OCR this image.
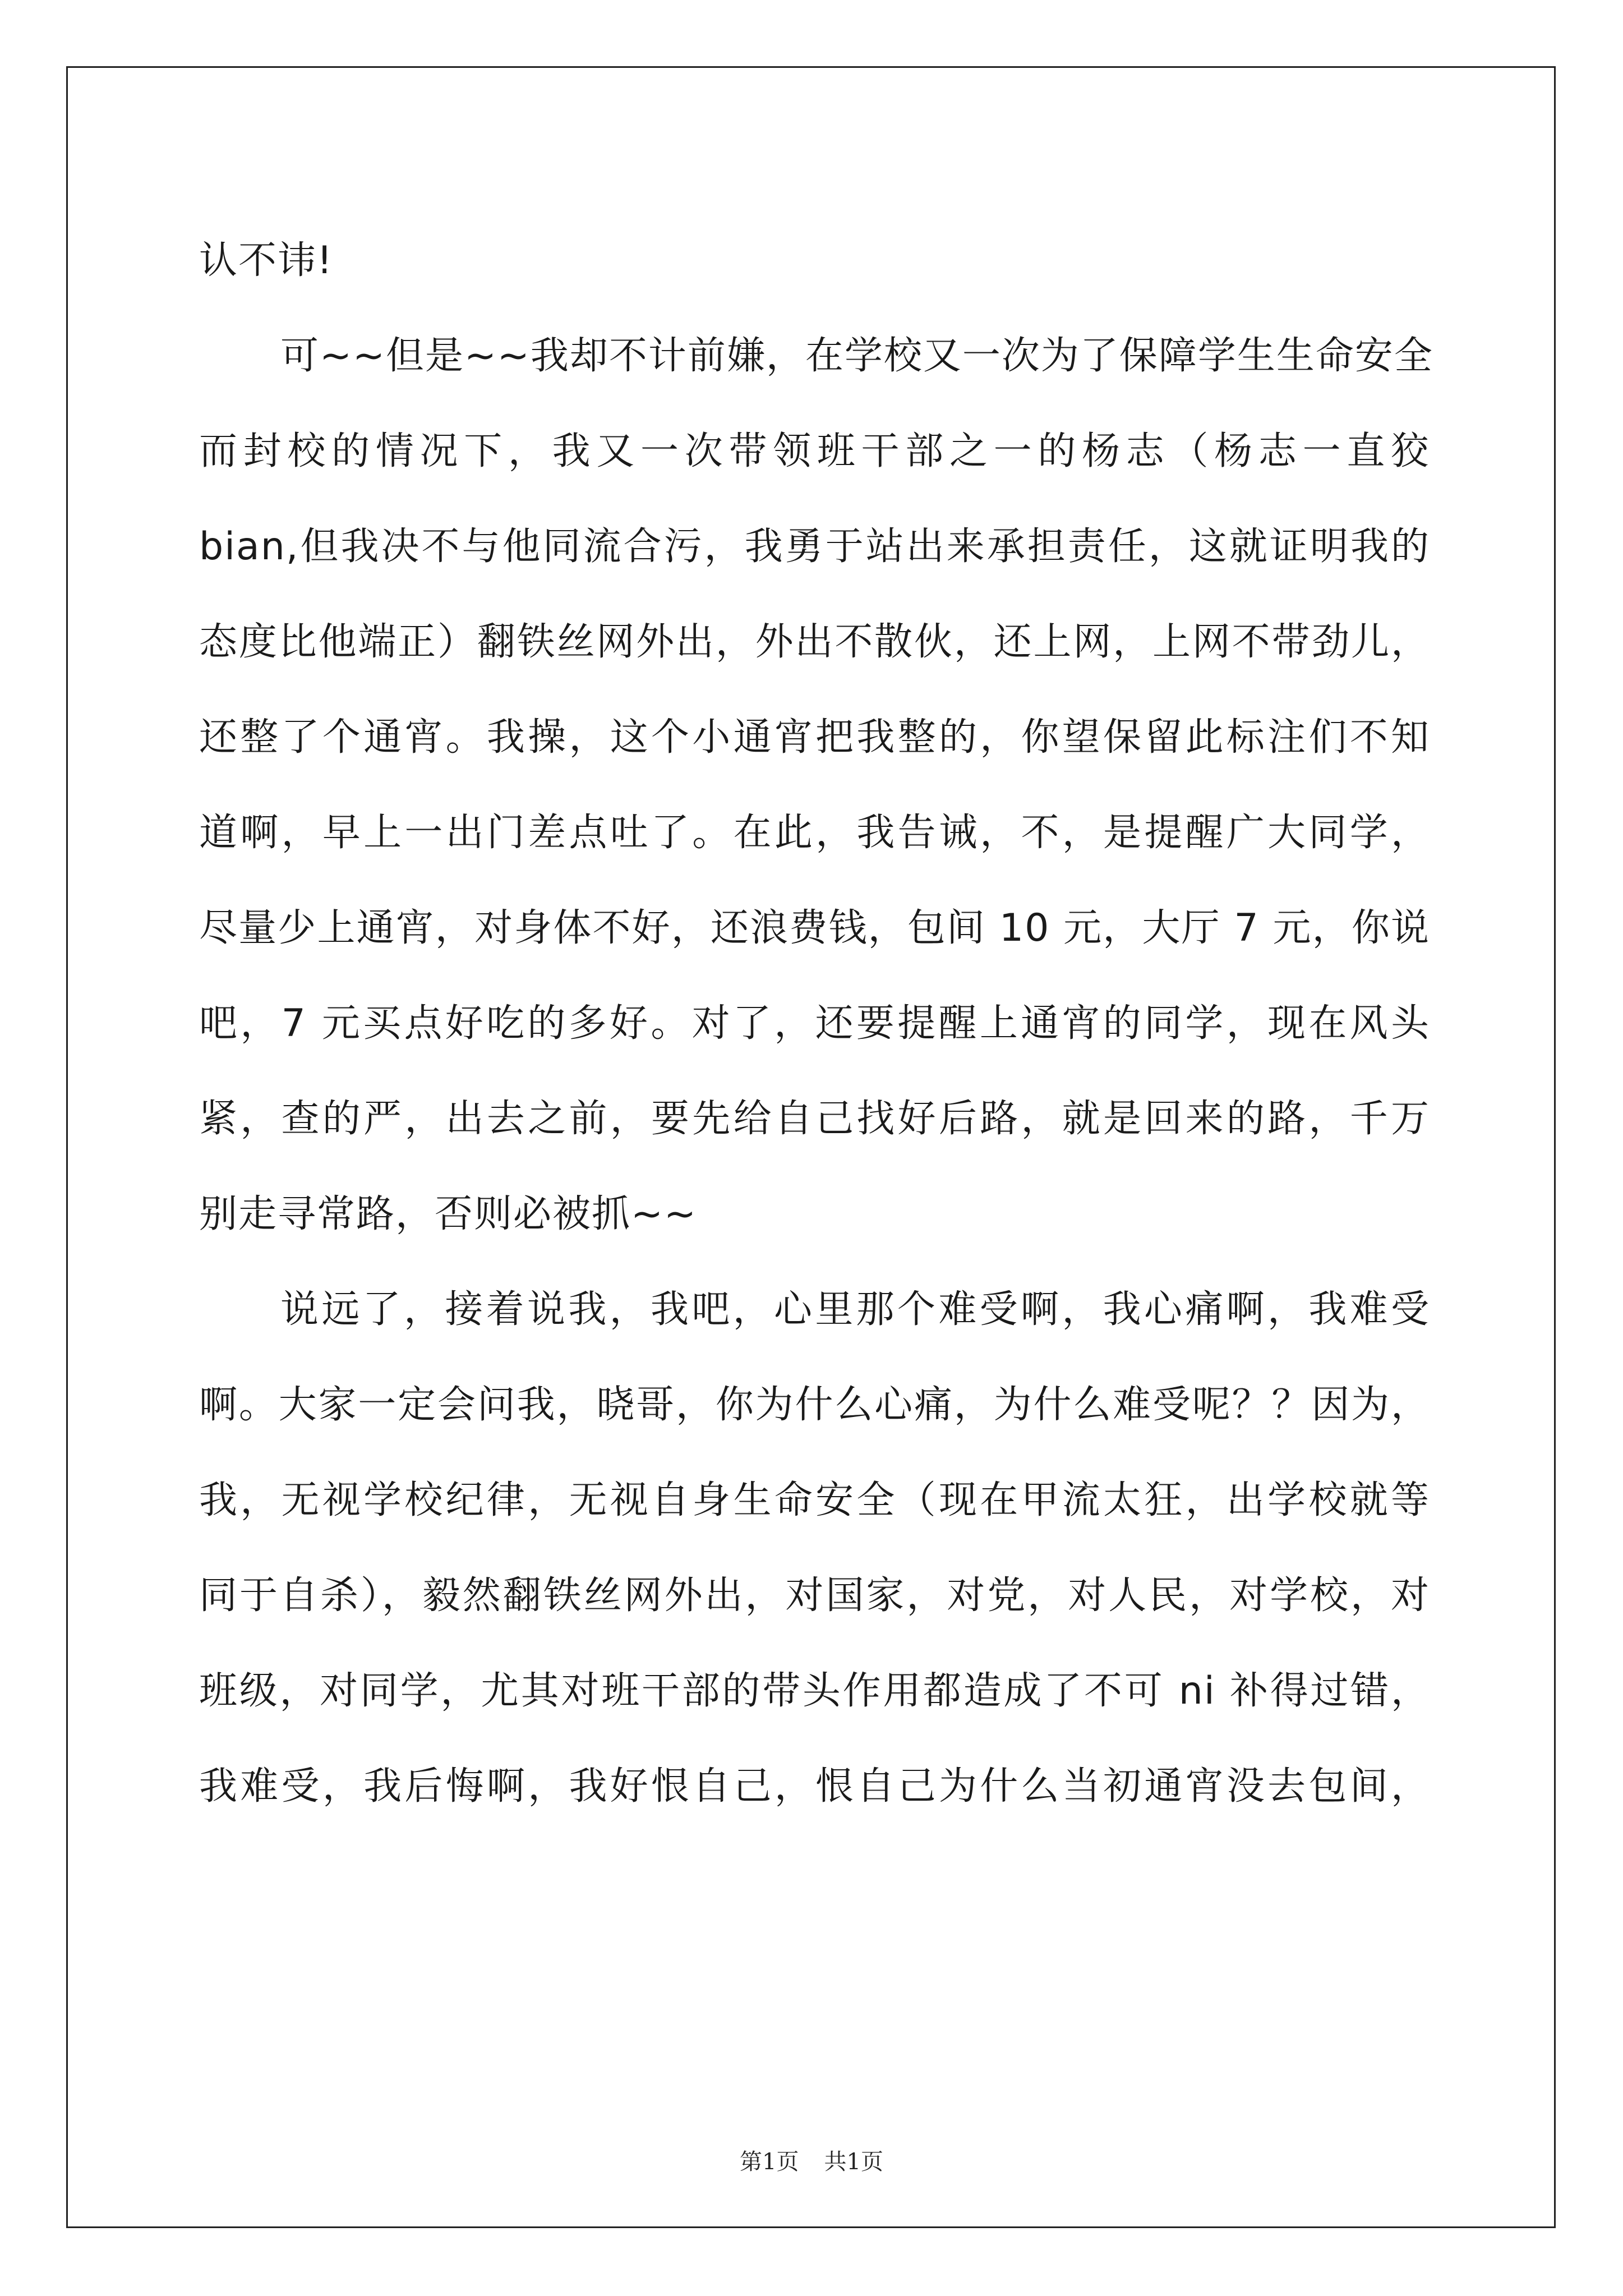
认不讳!
可~~但是~~我却不计前嫌，在学校又一次为了保障学生生命安全
而封校的情况下，我又一次带领班干部之一的杨志（杨志一直狡
bian,但我决不与他同流合污，我勇于站出来承担责任，这就证明我的
态度比他端正）翻铁丝网外出，外出不散伙，还上网，上网不带劲儿，
还整了个通宵。我操，这个小通宵把我整的，你望保留此标注们不知
道啊，早上一出门差点吐了。在此，我告诫，不，是提醒广大同学，
尽量少上通宵，对身体不好，还浪费钱，包间 10 元，大厅 7 元，你说
吧，7 元买点好吃的多好。对了，还要提醒上通宵的同学，现在风头
紧，查的严，出去之前，要先给自己找好后路，就是回来的路，千万
别走寻常路，否则必被抓~~
说远了，接着说我，我吧，心里那个难受啊，我心痛啊，我难受
啊。大家一定会问我，晓哥，你为什么心痛，为什么难受呢？？因为，
我，无视学校纪律，无视自身生命安全（现在甲流太狂，出学校就等
同于自杀），毅然翻铁丝网外出，对国家，对党，对人民，对学校，对
班级，对同学，尤其对班干部的带头作用都造成了不可 ni 补得过错，
我难受，我后悔啊，我好恨自己，恨自己为什么当初通宵没去包间，
第1页 共1页
